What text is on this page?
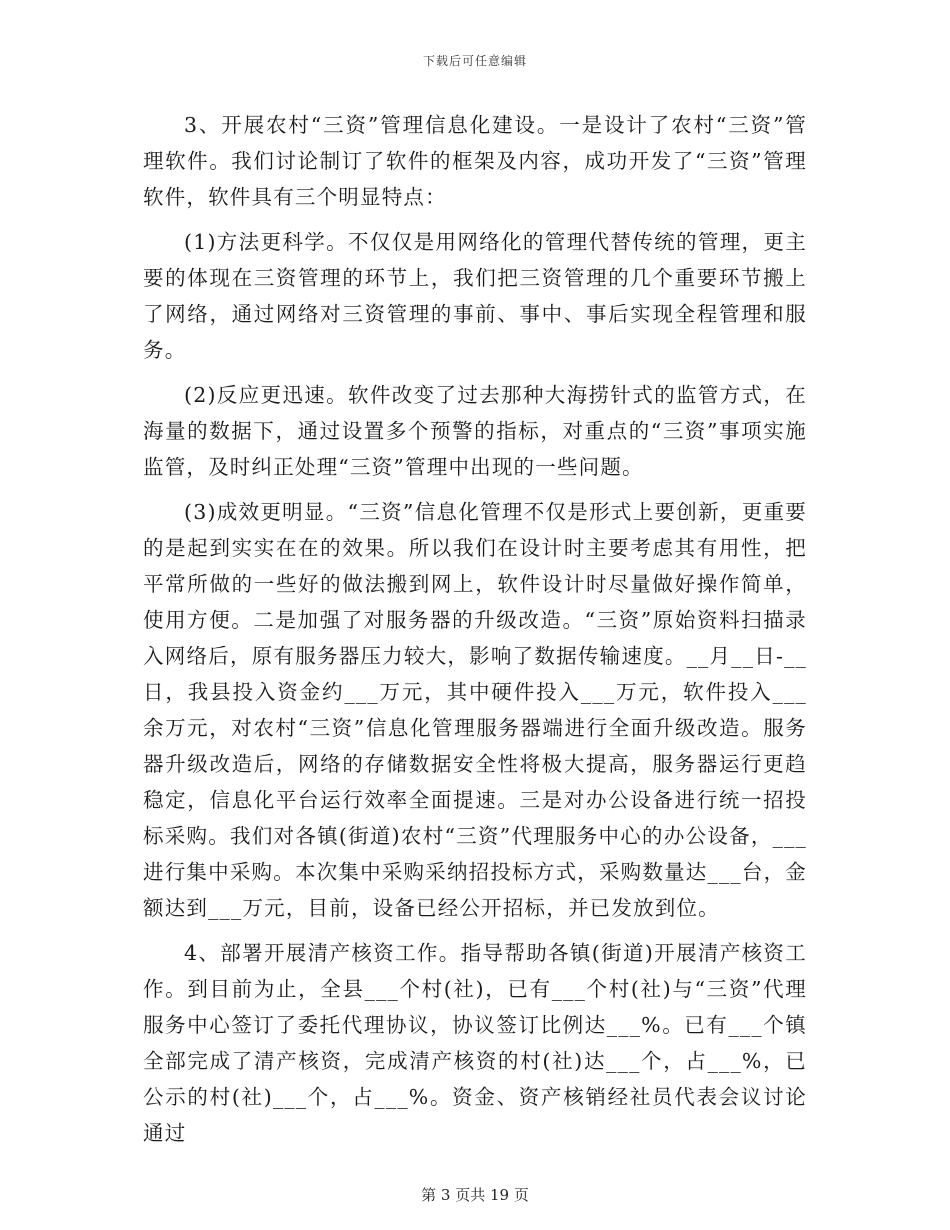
下载后可任意编辑

3、开展农村“三资”管理信息化建设。一是设计了农村“三资”管理软件。我们讨论制订了软件的框架及内容，成功开发了“三资”管理软件，软件具有三个明显特点：

(1)方法更科学。不仅仅是用网络化的管理代替传统的管理，更主要的体现在三资管理的环节上，我们把三资管理的几个重要环节搬上了网络，通过网络对三资管理的事前、事中、事后实现全程管理和服务。

(2)反应更迅速。软件改变了过去那种大海捞针式的监管方式，在海量的数据下，通过设置多个预警的指标，对重点的“三资”事项实施监管，及时纠正处理“三资”管理中出现的一些问题。

(3)成效更明显。“三资”信息化管理不仅是形式上要创新，更重要的是起到实实在在的效果。所以我们在设计时主要考虑其有用性，把平常所做的一些好的做法搬到网上，软件设计时尽量做好操作简单，使用方便。二是加强了对服务器的升级改造。“三资”原始资料扫描录入网络后，原有服务器压力较大，影响了数据传输速度。__月__日-__日，我县投入资金约___万元，其中硬件投入___万元，软件投入___余万元，对农村“三资”信息化管理服务器端进行全面升级改造。服务器升级改造后，网络的存储数据安全性将极大提高，服务器运行更趋稳定，信息化平台运行效率全面提速。三是对办公设备进行统一招投标采购。我们对各镇(街道)农村“三资”代理服务中心的办公设备，___进行集中采购。本次集中采购采纳招投标方式，采购数量达___台，金额达到___万元，目前，设备已经公开招标，并已发放到位。

4、部署开展清产核资工作。指导帮助各镇(街道)开展清产核资工作。到目前为止，全县___个村(社)，已有___个村(社)与“三资”代理服务中心签订了委托代理协议，协议签订比例达___%。已有___个镇全部完成了清产核资，完成清产核资的村(社)达___个，占___%，已公示的村(社)___个，占___%。资金、资产核销经社员代表会议讨论通过

第 3 页共 19 页
